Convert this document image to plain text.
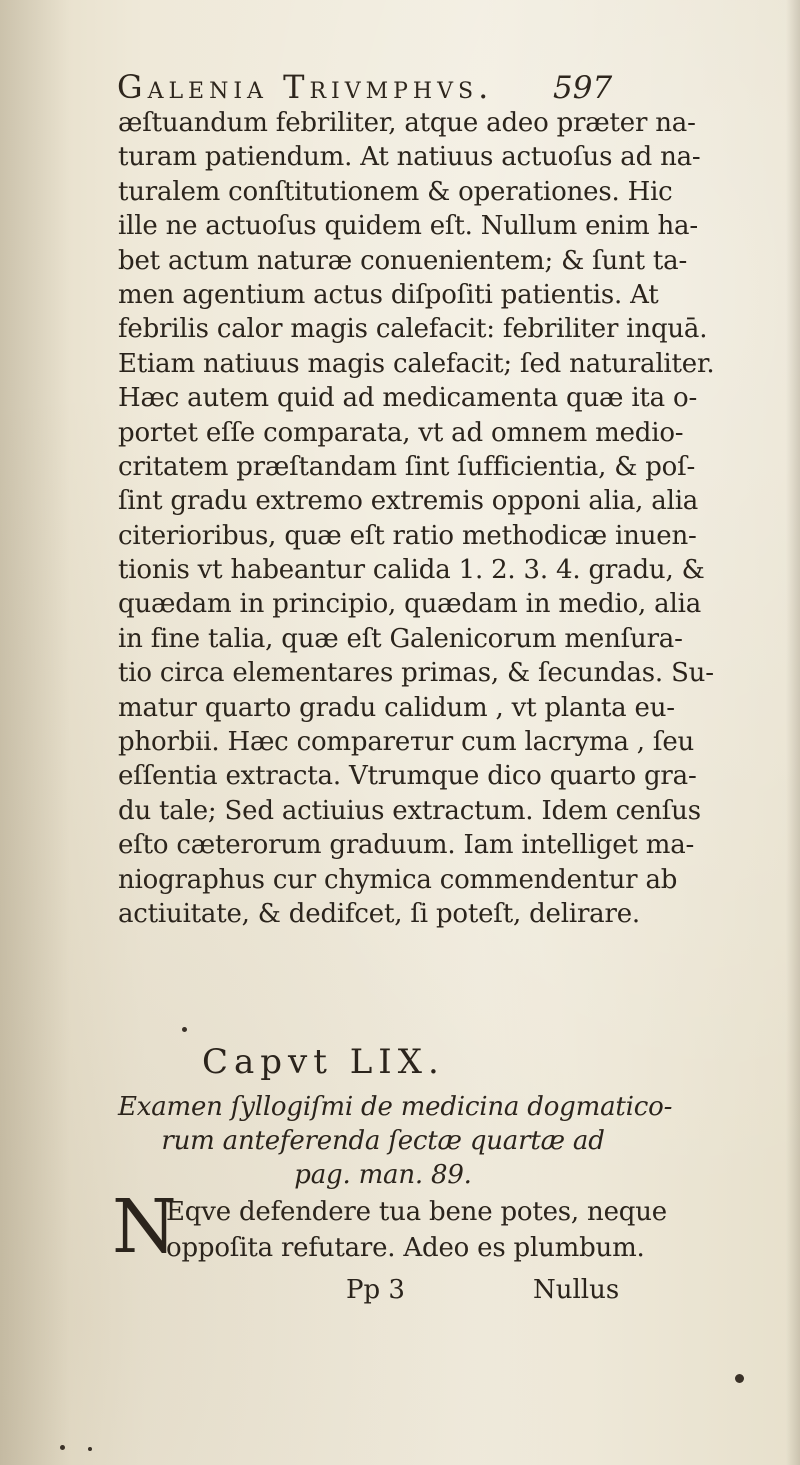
Galenia Trivmphvs. 597
æſtuandum febriliter, atque adeo præter na-
turam patiendum. At natiuus actuoſus ad na-
turalem conſtitutionem & operationes. Hic
ille ne actuoſus quidem eſt. Nullum enim ha-
bet actum naturæ conuenientem; & ſunt ta-
men agentium actus diſpoſiti patientis. At
febrilis calor magis calefacit: febriliter inquā.
Etiam natiuus magis calefacit; ſed naturaliter.
Hæc autem quid ad medicamenta quæ ita o-
portet eſſe comparata, vt ad omnem medio-
critatem præſtandam ſint ſufficientia, & poſ-
ſint gradu extremo extremis opponi alia, alia
citerioribus, quæ eſt ratio methodicæ inuen-
tionis vt habeantur calida 1. 2. 3. 4. gradu, &
quædam in principio, quædam in medio, alia
in fine talia, quæ eſt Galenicorum menſura-
tio circa elementares primas, & ſecundas. Su-
matur quarto gradu calidum , vt planta eu-
phorbii. Hæc compareтur cum lacryma , ſeu
eſſentia extracta. Vtrumque dico quarto gra-
du tale; Sed actiuius extractum. Idem cenſus
eſto cæterorum graduum. Iam intelliget ma-
niographus cur chymica commendentur ab
actiuitate, & dedifcet, ſi poteſt, delirare.
Capvt LIX.
Examen ſyllogiſmi de medicina dogmatico-
rum anteferenda ſectæ quartæ ad
pag. man. 89.
N
Eqve defendere tua bene potes, neque
oppoſita refutare. Adeo es plumbum.
Pp 3	Nullus
